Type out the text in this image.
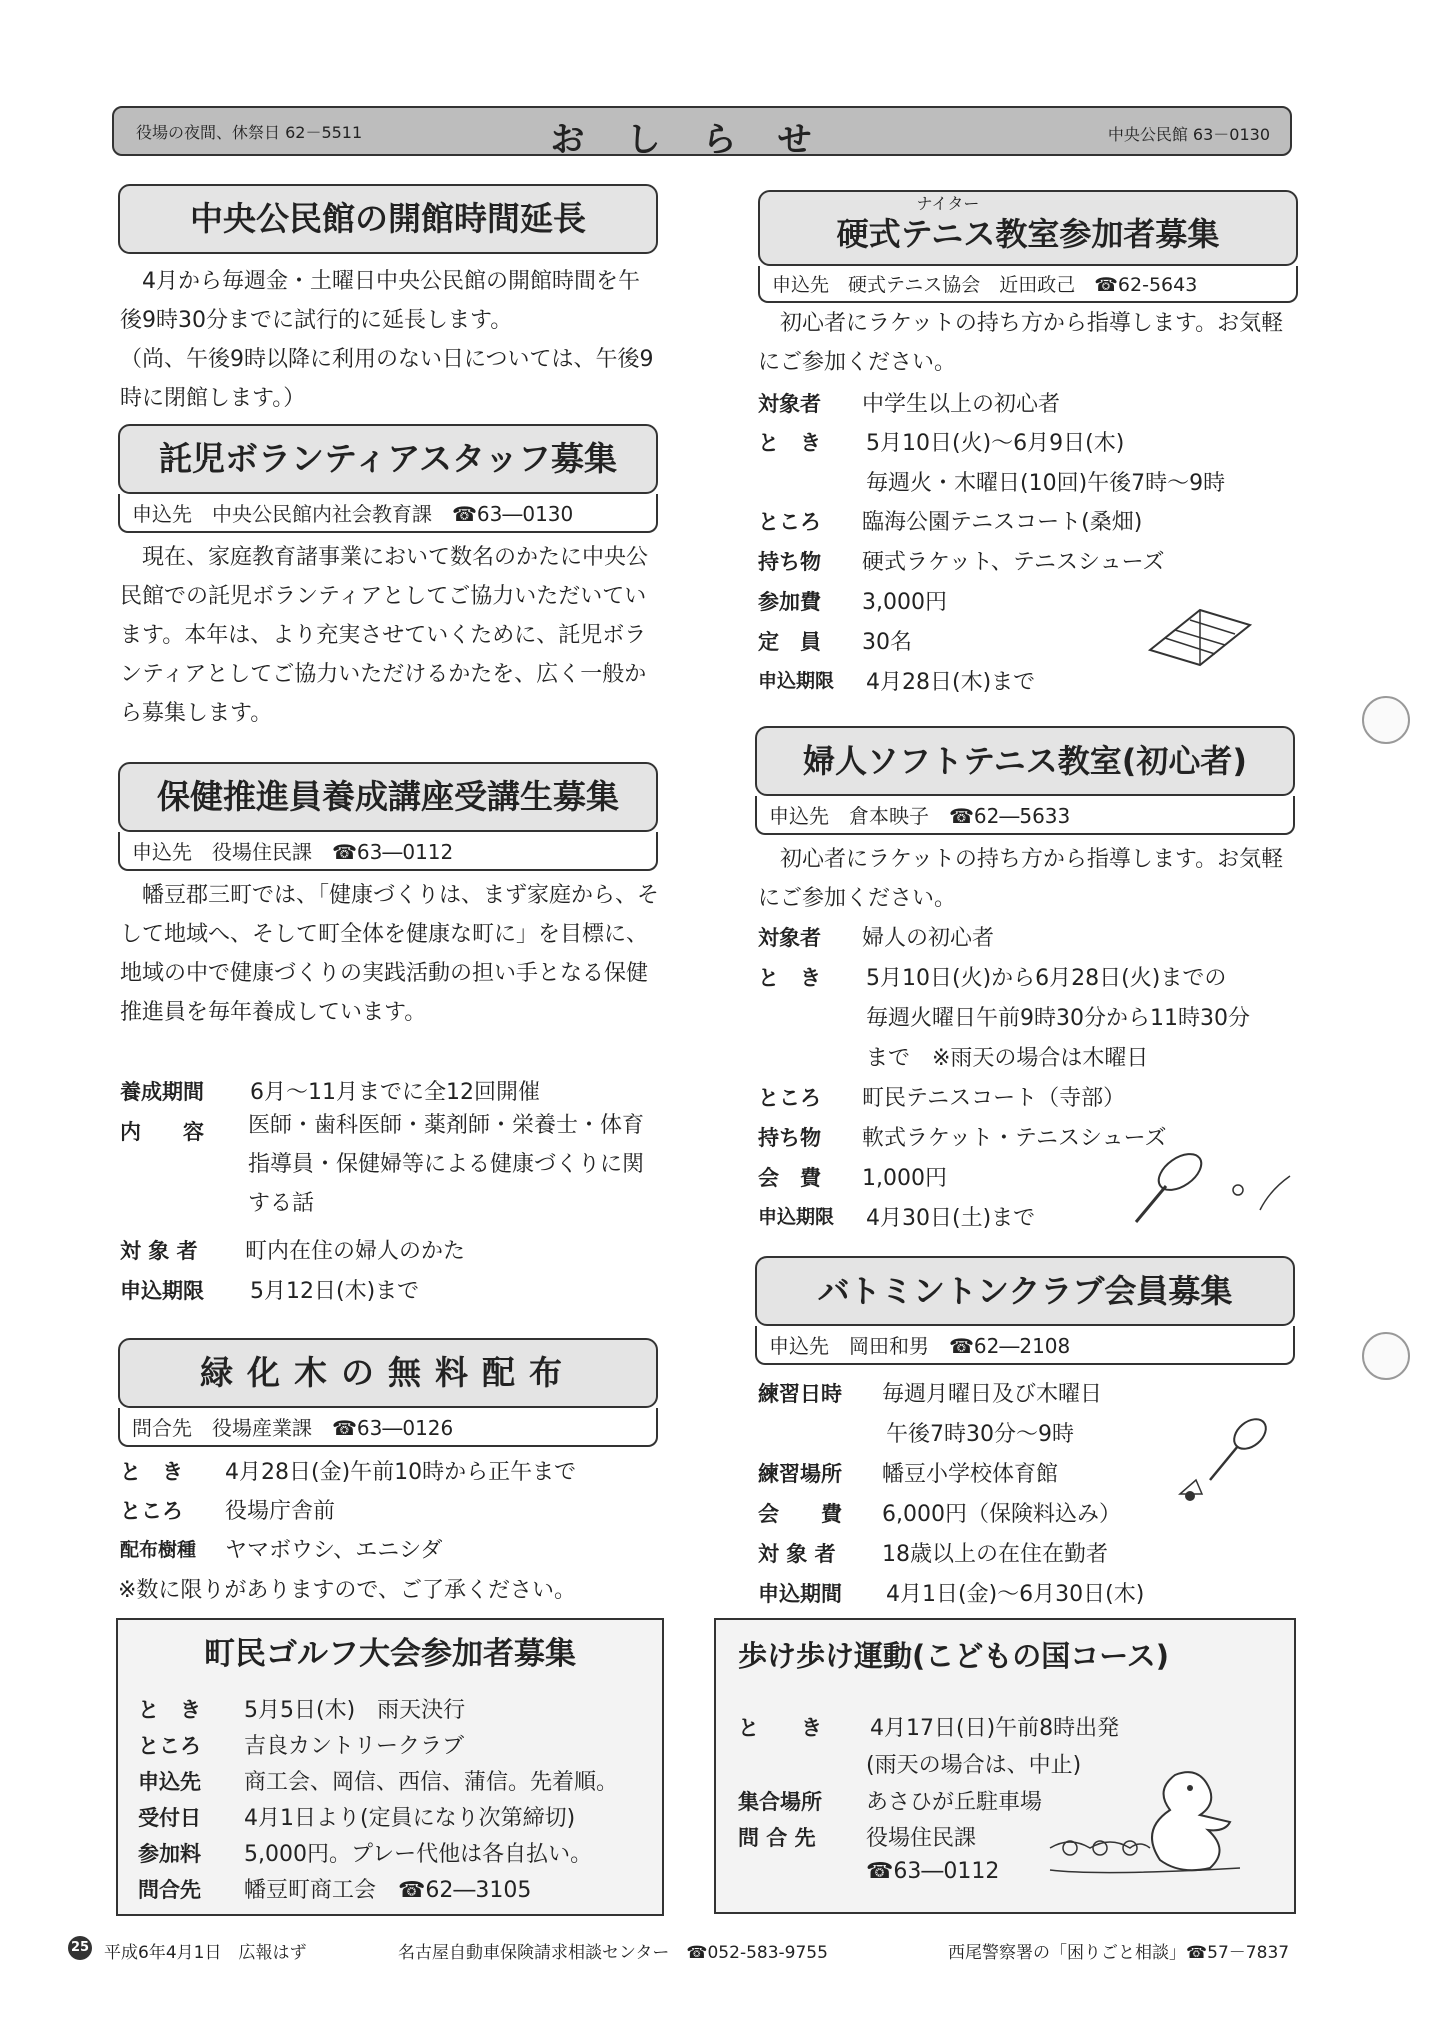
役場の夜間、休祭日 62－5511	おしらせ	中央公民館 63－0130
中央公民館の開館時間延長
4月から毎週金・土曜日中央公民館の開館時間を午後9時30分までに試行的に延長します。
（尚、午後9時以降に利用のない日については、午後9時に閉館します。）
託児ボランティアスタッフ募集
申込先　中央公民館内社会教育課　☎63―0130
現在、家庭教育諸事業において数名のかたに中央公民館での託児ボランティアとしてご協力いただいています。本年は、より充実させていくために、託児ボランティアとしてご協力いただけるかたを、広く一般から募集します。
保健推進員養成講座受講生募集
申込先　役場住民課　☎63―0112
幡豆郡三町では、「健康づくりは、まず家庭から、そして地域へ、そして町全体を健康な町に」を目標に、地域の中で健康づくりの実践活動の担い手となる保健推進員を毎年養成しています。
養成期間 6月～11月までに全12回開催
内　　容 医師・歯科医師・薬剤師・栄養士・体育指導員・保健婦等による健康づくりに関する話
対 象 者 町内在住の婦人のかた
申込期限 5月12日(木)まで
緑化木の無料配布
問合先　役場産業課　☎63―0126
と　き 4月28日(金)午前10時から正午まで
ところ 役場庁舎前
配布樹種 ヤマボウシ、エニシダ
※数に限りがありますので、ご了承ください。
町民ゴルフ大会参加者募集
と　き 5月5日(木)　雨天決行
ところ 吉良カントリークラブ
申込先 商工会、岡信、西信、蒲信。先着順。
受付日 4月1日より(定員になり次第締切)
参加料 5,000円。プレー代他は各自払い。
問合先 幡豆町商工会　☎62―3105
ナイター
硬式テニス教室参加者募集
申込先　硬式テニス協会　近田政己　☎62-5643
初心者にラケットの持ち方から指導します。お気軽にご参加ください。
対象者 中学生以上の初心者
と　き 5月10日(火)～6月9日(木)
毎週火・木曜日(10回)午後7時～9時
ところ 臨海公園テニスコート(桑畑)
持ち物 硬式ラケット、テニスシューズ
参加費 3,000円
定　員 30名
申込期限 4月28日(木)まで
婦人ソフトテニス教室(初心者)
申込先　倉本映子　☎62―5633
初心者にラケットの持ち方から指導します。お気軽にご参加ください。
対象者 婦人の初心者
と　き 5月10日(火)から6月28日(火)までの
毎週火曜日午前9時30分から11時30分
まで　※雨天の場合は木曜日
ところ 町民テニスコート（寺部）
持ち物 軟式ラケット・テニスシューズ
会　費 1,000円
申込期限 4月30日(土)まで
バトミントンクラブ会員募集
申込先　岡田和男　☎62―2108
練習日時 毎週月曜日及び木曜日
午後7時30分～9時
練習場所 幡豆小学校体育館
会　　費 6,000円（保険料込み）
対 象 者 18歳以上の在住在勤者
申込期間 4月1日(金)～6月30日(木)
歩け歩け運動(こどもの国コース)
と　　き 4月17日(日)午前8時出発
(雨天の場合は、中止)
集合場所 あさひが丘駐車場
問 合 先 役場住民課
☎63―0112
25 平成6年4月1日　広報はず	名古屋自動車保険請求相談センター　☎052-583-9755	西尾警察署の「困りごと相談」☎57－7837
